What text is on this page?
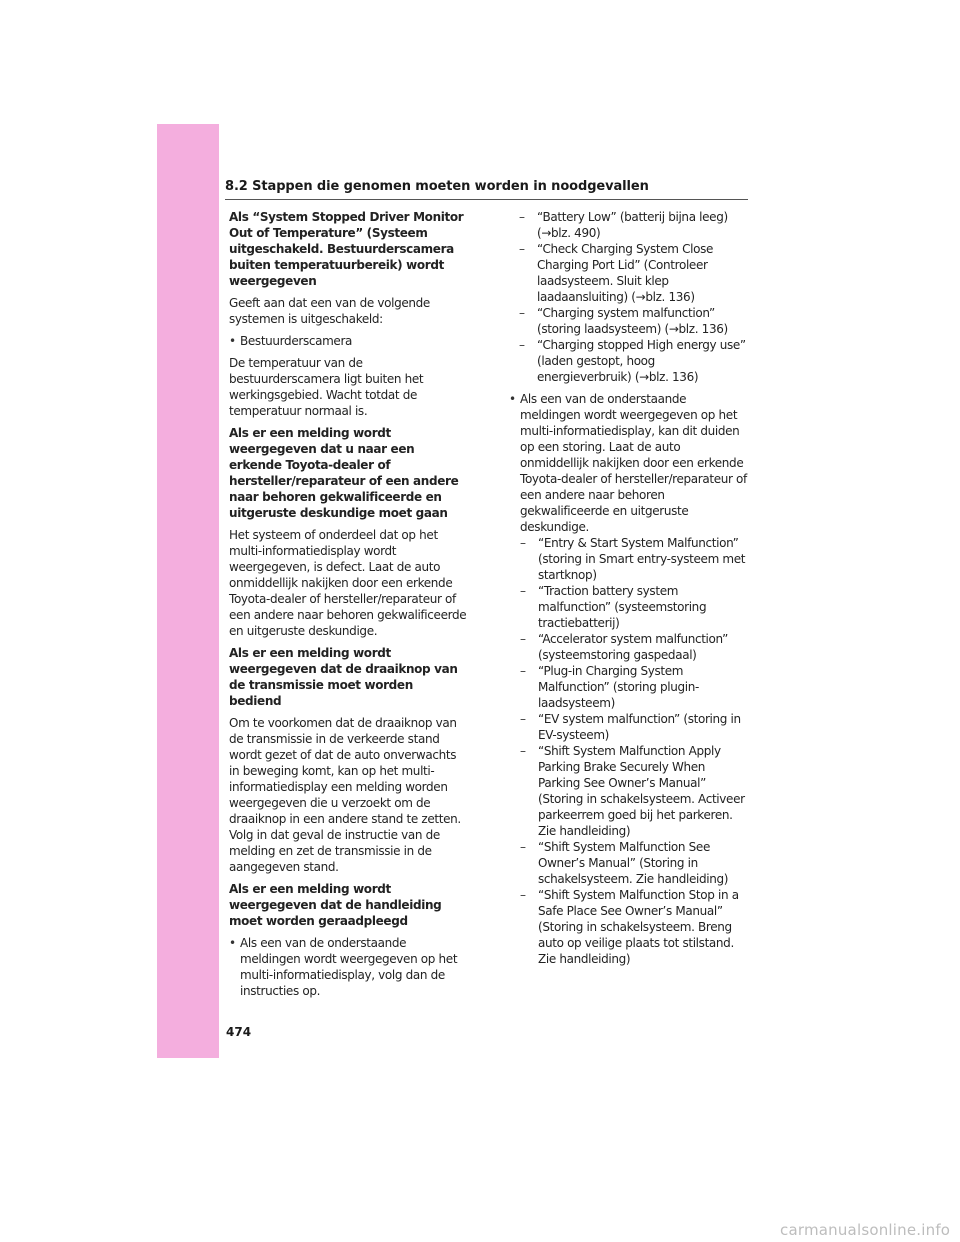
8.2 Stappen die genomen moeten worden in noodgevallen
Als “System Stopped Driver Monitor Out of Temperature” (Systeem uitgeschakeld. Bestuurderscamera buiten temperatuurbereik) wordt weergegeven
Geeft aan dat een van de volgende systemen is uitgeschakeld:
• Bestuurderscamera
De temperatuur van de bestuurderscamera ligt buiten het werkingsgebied. Wacht totdat de temperatuur normaal is.
Als er een melding wordt weergegeven dat u naar een erkende Toyota-dealer of hersteller/reparateur of een andere naar behoren gekwalificeerde en uitgeruste deskundige moet gaan
Het systeem of onderdeel dat op het multi-informatiedisplay wordt weergegeven, is defect. Laat de auto onmiddellijk nakijken door een erkende Toyota-dealer of hersteller/reparateur of een andere naar behoren gekwalificeerde en uitgeruste deskundige.
Als er een melding wordt weergegeven dat de draaiknop van de transmissie moet worden bediend
Om te voorkomen dat de draaiknop van de transmissie in de verkeerde stand wordt gezet of dat de auto onverwachts in beweging komt, kan op het multi-informatiedisplay een melding worden weergegeven die u verzoekt om de draaiknop in een andere stand te zetten. Volg in dat geval de instructie van de melding en zet de transmissie in de aangegeven stand.
Als er een melding wordt weergegeven dat de handleiding moet worden geraadpleegd
• Als een van de onderstaande meldingen wordt weergegeven op het multi-informatiedisplay, volg dan de instructies op.
– “Battery Low” (batterij bijna leeg) (→blz. 490)
– “Check Charging System Close Charging Port Lid” (Controleer laadsysteem. Sluit klep laadaansluiting) (→blz. 136)
– “Charging system malfunction” (storing laadsysteem) (→blz. 136)
– “Charging stopped High energy use” (laden gestopt, hoog energieverbruik) (→blz. 136)
• Als een van de onderstaande meldingen wordt weergegeven op het multi-informatiedisplay, kan dit duiden op een storing. Laat de auto onmiddellijk nakijken door een erkende Toyota-dealer of hersteller/reparateur of een andere naar behoren gekwalificeerde en uitgeruste deskundige.
– “Entry & Start System Malfunction” (storing in Smart entry-systeem met startknop)
– “Traction battery system malfunction” (systeemstoring tractiebatterij)
– “Accelerator system malfunction” (systeemstoring gaspedaal)
– “Plug-in Charging System Malfunction” (storing plugin-laadsysteem)
– “EV system malfunction” (storing in EV-systeem)
– “Shift System Malfunction Apply Parking Brake Securely When Parking See Owner’s Manual” (Storing in schakelsysteem. Activeer parkeerrem goed bij het parkeren. Zie handleiding)
– “Shift System Malfunction See Owner’s Manual” (Storing in schakelsysteem. Zie handleiding)
– “Shift System Malfunction Stop in a Safe Place See Owner’s Manual” (Storing in schakelsysteem. Breng auto op veilige plaats tot stilstand. Zie handleiding)
474
carmanualsonline.info
